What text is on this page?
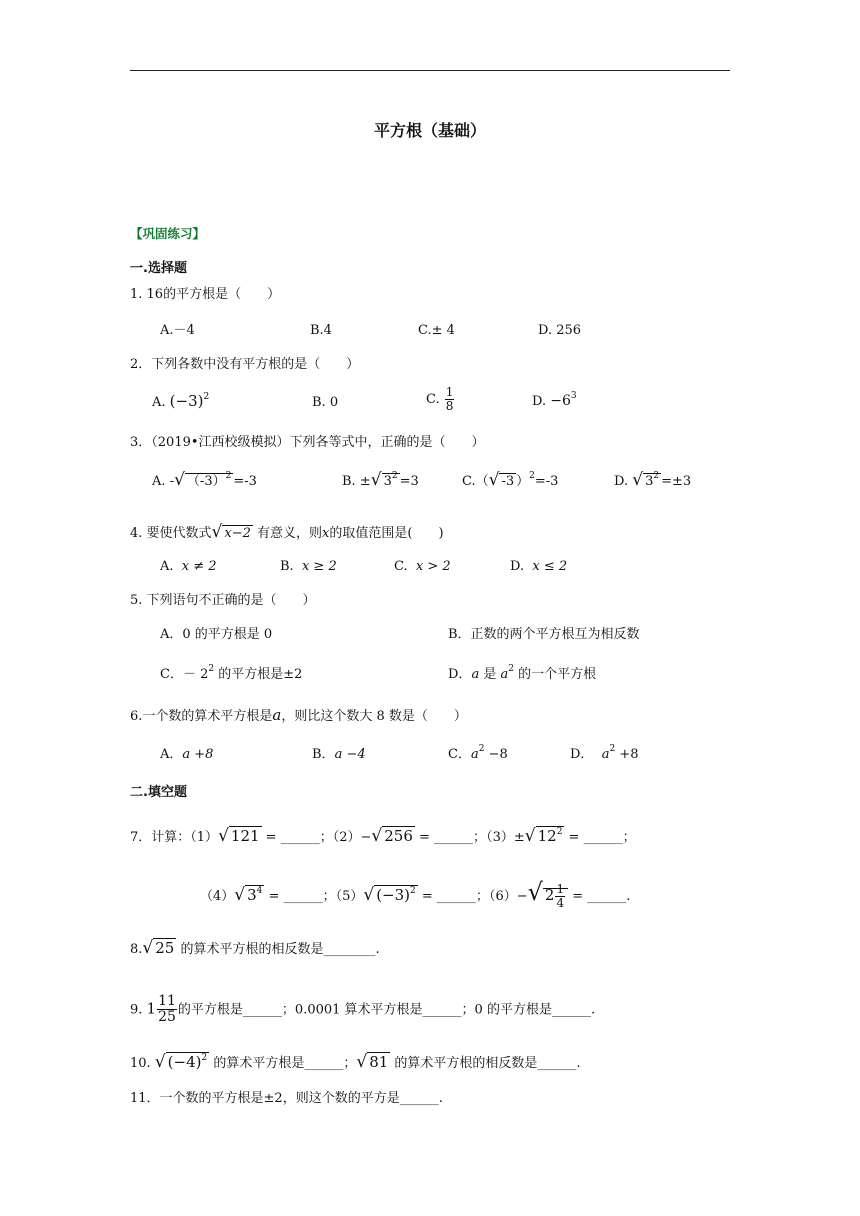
平方根（基础）
【巩固练习】
一.选择题
1. 16的平方根是（　　）
A.－4	B.4	C.± 4	D. 256
2．下列各数中没有平方根的是（　　）
A. $(-3)^2$	B. 0	C. $\frac{1}{8}$	D. $-6^3$
3．（2019•江西校级模拟）下列各等式中，正确的是（　　）
A. -√ $(-3)^2 =-3$	B. ±√ $3^2 =3$	C.（√ -3 ）$^2$=-3	D. √ $3^2 =\pm 3$
4. 要使代数式√ x−2 有意义，则x的取值范围是(　　)
A. x ≠ 2	B. x ≥ 2	C. x > 2	D. x ≤ 2
5. 下列语句不正确的是（　　）
A．0 的平方根是 0	B．正数的两个平方根互为相反数
C．－ $2^2$ 的平方根是±2	D．a 是 $a^2$ 的一个平方根
6.一个数的算术平方根是a，则比这个数大 8 数是（　　）
A．a +8	B．a −4	C．$a^2 -8$	D． $a^2 +8$
二.填空题
7．计算：（1）√ 121 = ______；（2）−√ 256 = ______；（3）±√ $12^2$ = ______；
（4）√ $3^4$ = ______；（5）√ $(-3)^2$ = ______；（6）−√ $2 \frac{1}{4}$ = ______.
8.√ 25 的算术平方根的相反数是________.
9. $1 \frac{11}{25}$ 的平方根是______；0.0001 算术平方根是______；0 的平方根是______.
10. √ $(-4)^2$ 的算术平方根是______；√ 81 的算术平方根的相反数是______.
11．一个数的平方根是±2，则这个数的平方是______.
